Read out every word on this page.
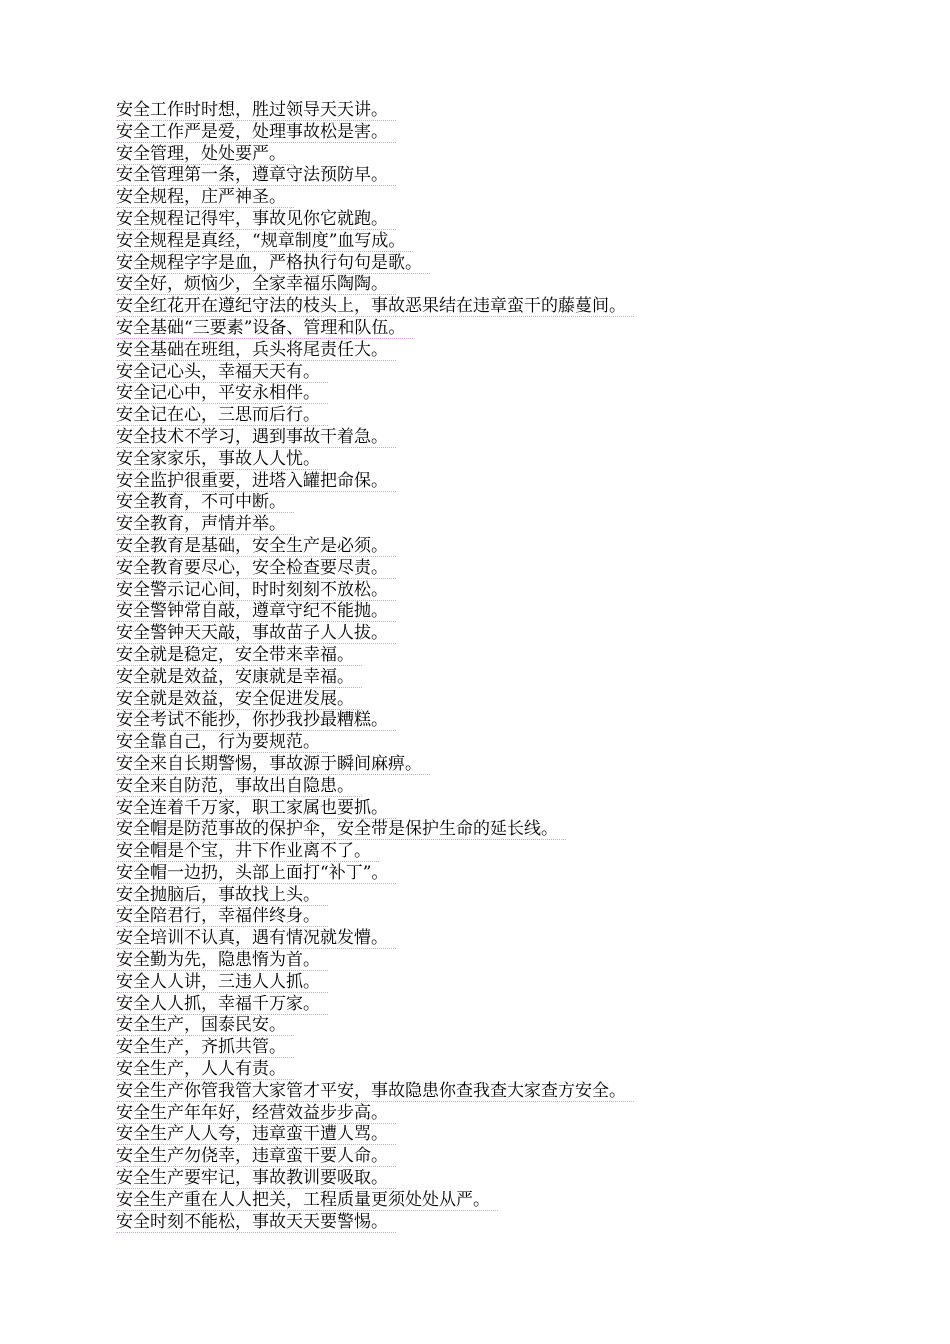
安全工作时时想，胜过领导天天讲。
安全工作严是爱，处理事故松是害。
安全管理，处处要严。
安全管理第一条，遵章守法预防早。
安全规程，庄严神圣。
安全规程记得牢，事故见你它就跑。
安全规程是真经，“规章制度”血写成。
安全规程字字是血，严格执行句句是歌。
安全好，烦恼少，全家幸福乐陶陶。
安全红花开在遵纪守法的枝头上，事故恶果结在违章蛮干的藤蔓间。
安全基础“三要素”设备、管理和队伍。
安全基础在班组，兵头将尾责任大。
安全记心头，幸福天天有。
安全记心中，平安永相伴。
安全记在心，三思而后行。
安全技术不学习，遇到事故干着急。
安全家家乐，事故人人忧。
安全监护很重要，进塔入罐把命保。
安全教育，不可中断。
安全教育，声情并举。
安全教育是基础，安全生产是必须。
安全教育要尽心，安全检查要尽责。
安全警示记心间，时时刻刻不放松。
安全警钟常自敲，遵章守纪不能抛。
安全警钟天天敲，事故苗子人人拔。
安全就是稳定，安全带来幸福。
安全就是效益，安康就是幸福。
安全就是效益，安全促进发展。
安全考试不能抄，你抄我抄最糟糕。
安全靠自己，行为要规范。
安全来自长期警惕，事故源于瞬间麻痹。
安全来自防范，事故出自隐患。
安全连着千万家，职工家属也要抓。
安全帽是防范事故的保护伞，安全带是保护生命的延长线。
安全帽是个宝，井下作业离不了。
安全帽一边扔，头部上面打“补丁”。
安全抛脑后，事故找上头。
安全陪君行，幸福伴终身。
安全培训不认真，遇有情况就发懵。
安全勤为先，隐患惰为首。
安全人人讲，三违人人抓。
安全人人抓，幸福千万家。
安全生产，国泰民安。
安全生产，齐抓共管。
安全生产，人人有责。
安全生产你管我管大家管才平安，事故隐患你查我查大家查方安全。
安全生产年年好，经营效益步步高。
安全生产人人夸，违章蛮干遭人骂。
安全生产勿侥幸，违章蛮干要人命。
安全生产要牢记，事故教训要吸取。
安全生产重在人人把关，工程质量更须处处从严。
安全时刻不能松，事故天天要警惕。
